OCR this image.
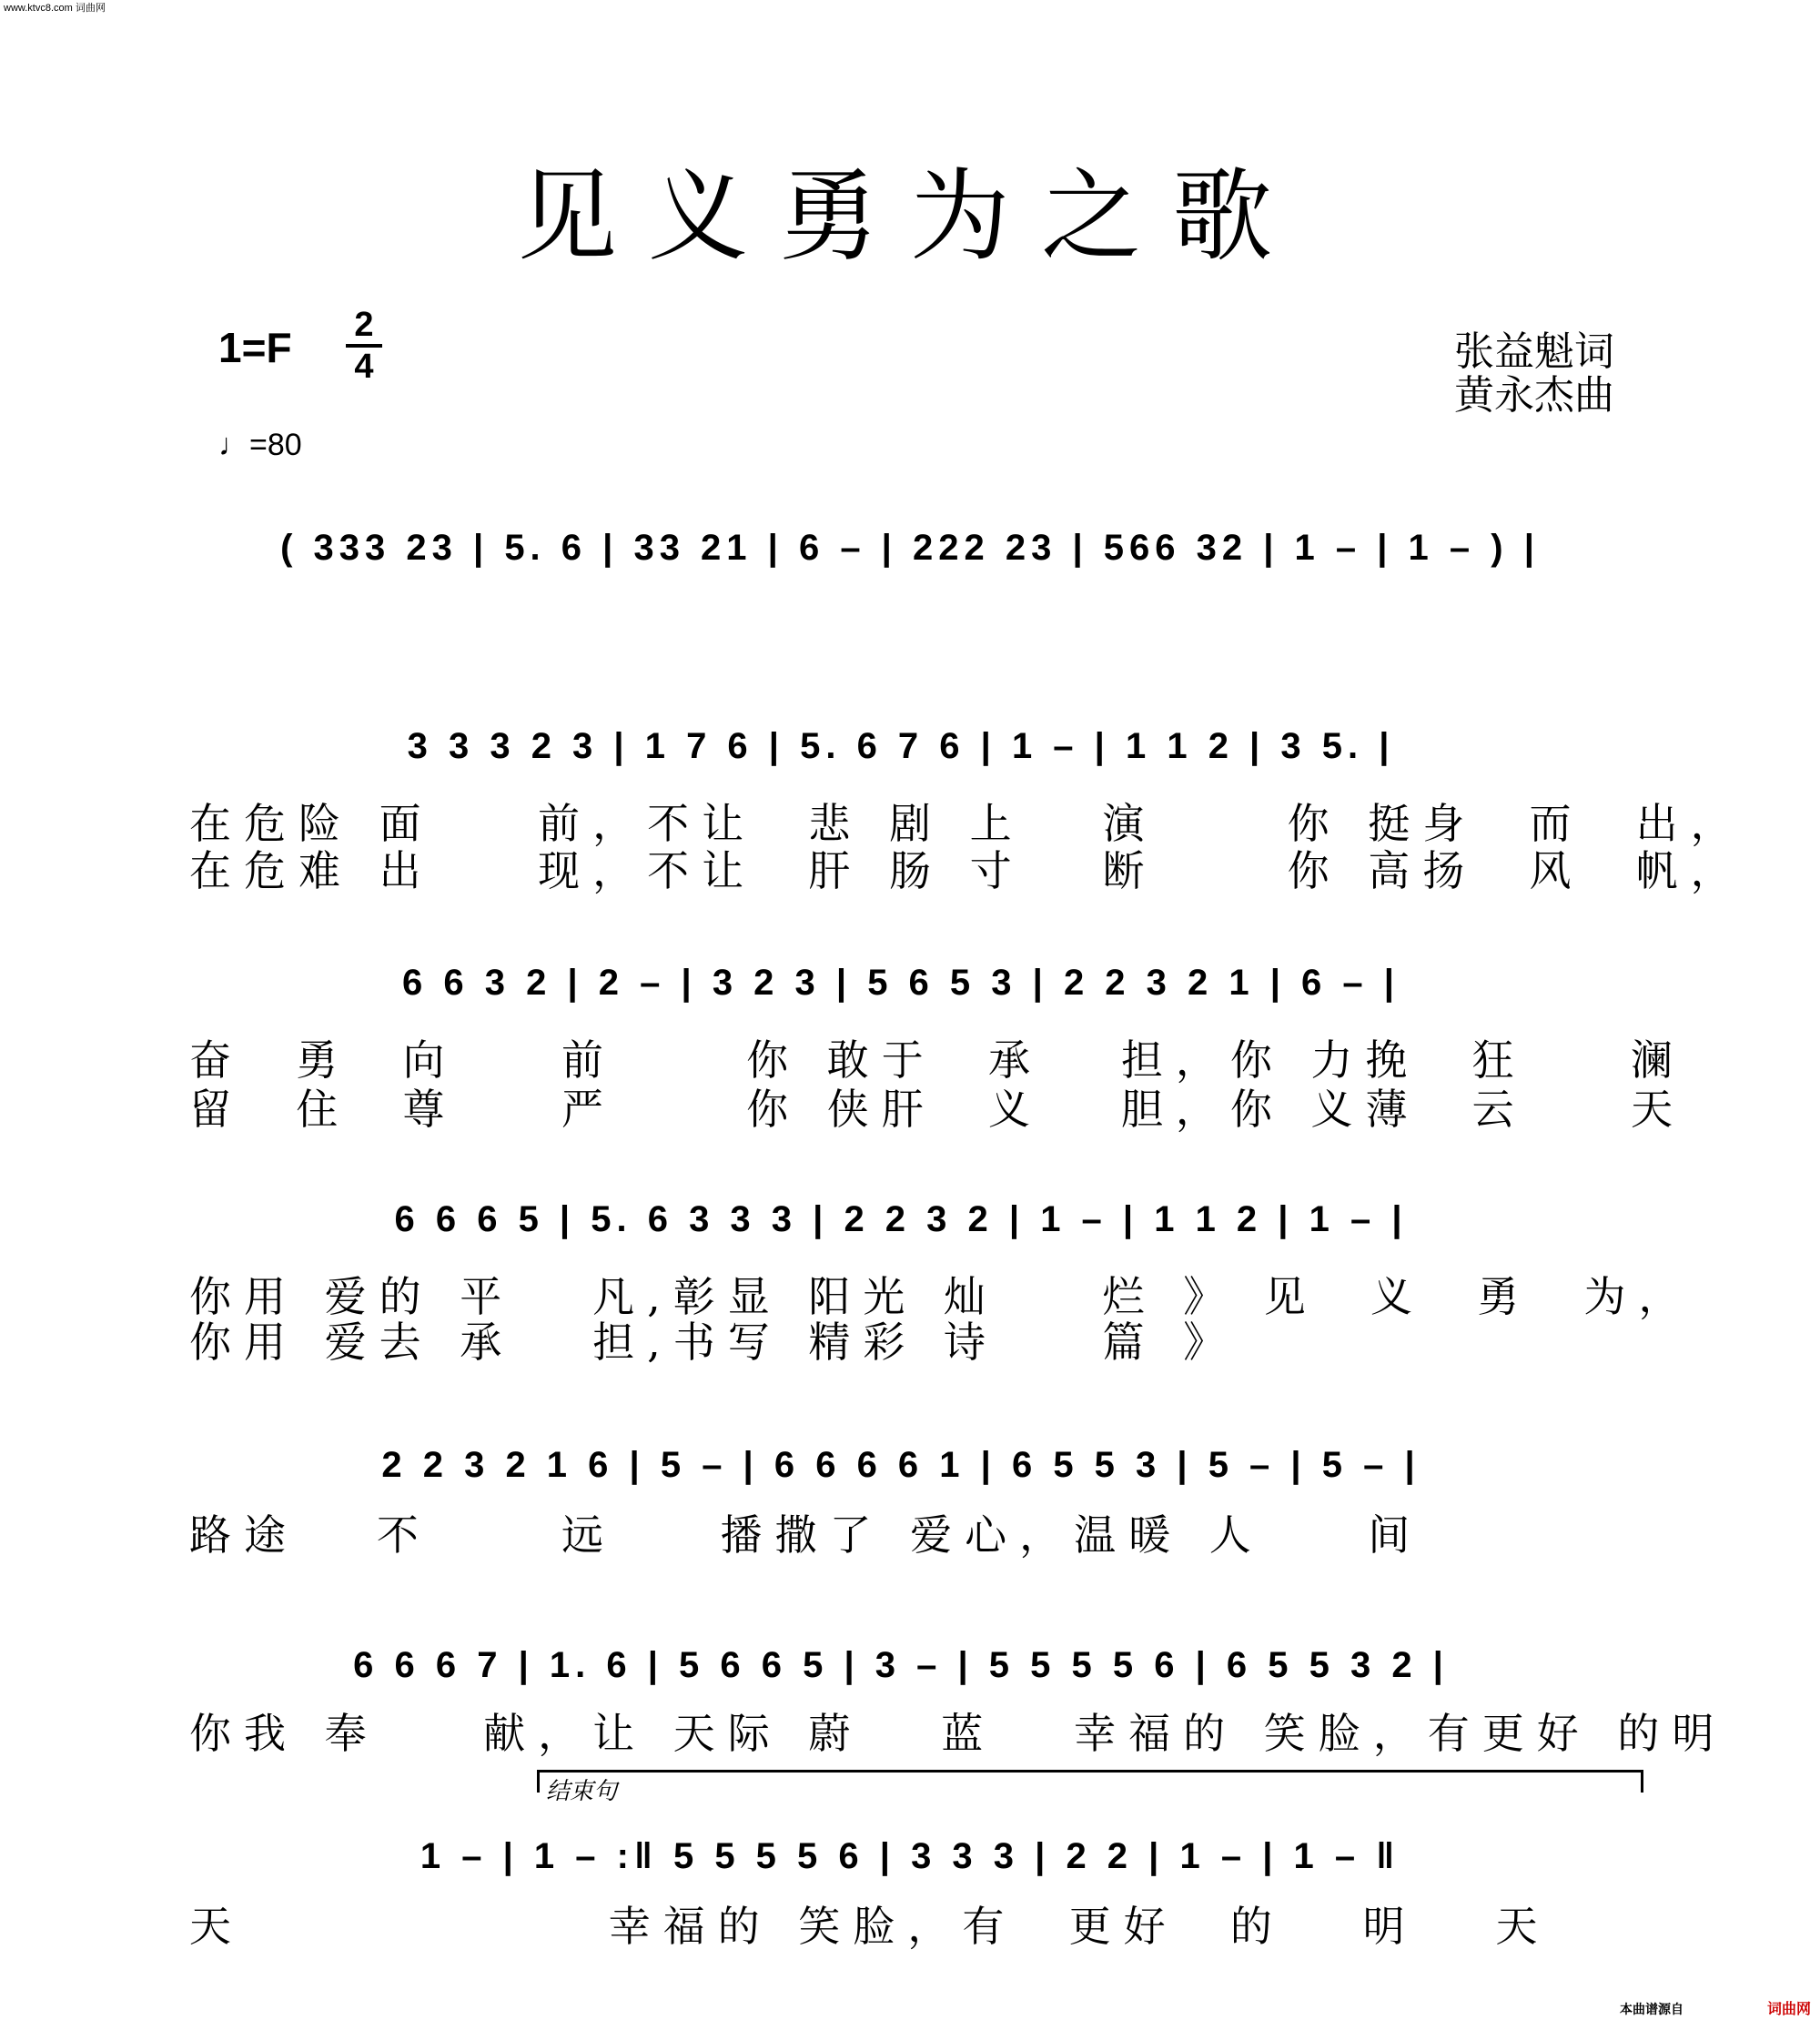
www.ktvc8.com 词曲网
见义勇为之歌
1=F 2
4
♩=80
张益魁词
黄永杰曲
( 333 23 | 5. 6 | 33 21 | 6 – | 222 23 | 566 32 | 1 – | 1 – ) |
3 3 3 2 3 | 1 7 6 | 5. 6 7 6 | 1 – | 1 1 2 | 3 5. |
在危险 面    前，不让  悲 剧 上   演     你 挺身  而  出，
在危难 出    现，不让  肝 肠 寸   断     你 高扬  风  帆，
6 6 3 2 | 2 – | 3 2 3 | 5 6 5 3 | 2 2 3 2 1 | 6 – |
奋  勇  向    前     你 敢于  承   担，你 力挽  狂    澜
留  住  尊    严     你 侠肝  义   胆，你 义薄  云    天
6 6 6 5 | 5. 6 3 3 3 | 2 2 3 2 | 1 – | 1 1 2 | 1 – |
你用 爱的 平   凡,彰显 阳光 灿    烂 》 见  义  勇  为，
你用 爱去 承   担,书写 精彩 诗    篇 》
2 2 3 2 1 6 | 5 – | 6 6 6 6 1 | 6 5 5 3 | 5 – | 5 – |
路途   不     远    播撒了 爱心，温暖 人    间
6 6 6 7 | 1. 6 | 5 6 6 5 | 3 – | 5 5 5 5 6 | 6 5 5 3 2 |
你我 奉    献，让 天际 蔚   蓝   幸福的 笑脸，有更好 的明
结束句
1 – | 1 – :‖ 5 5 5 5 6 | 3 3 3 | 2 2 | 1 – | 1 – ‖
天              幸福的 笑脸，有  更好  的   明   天
本曲谱源自	词曲网
